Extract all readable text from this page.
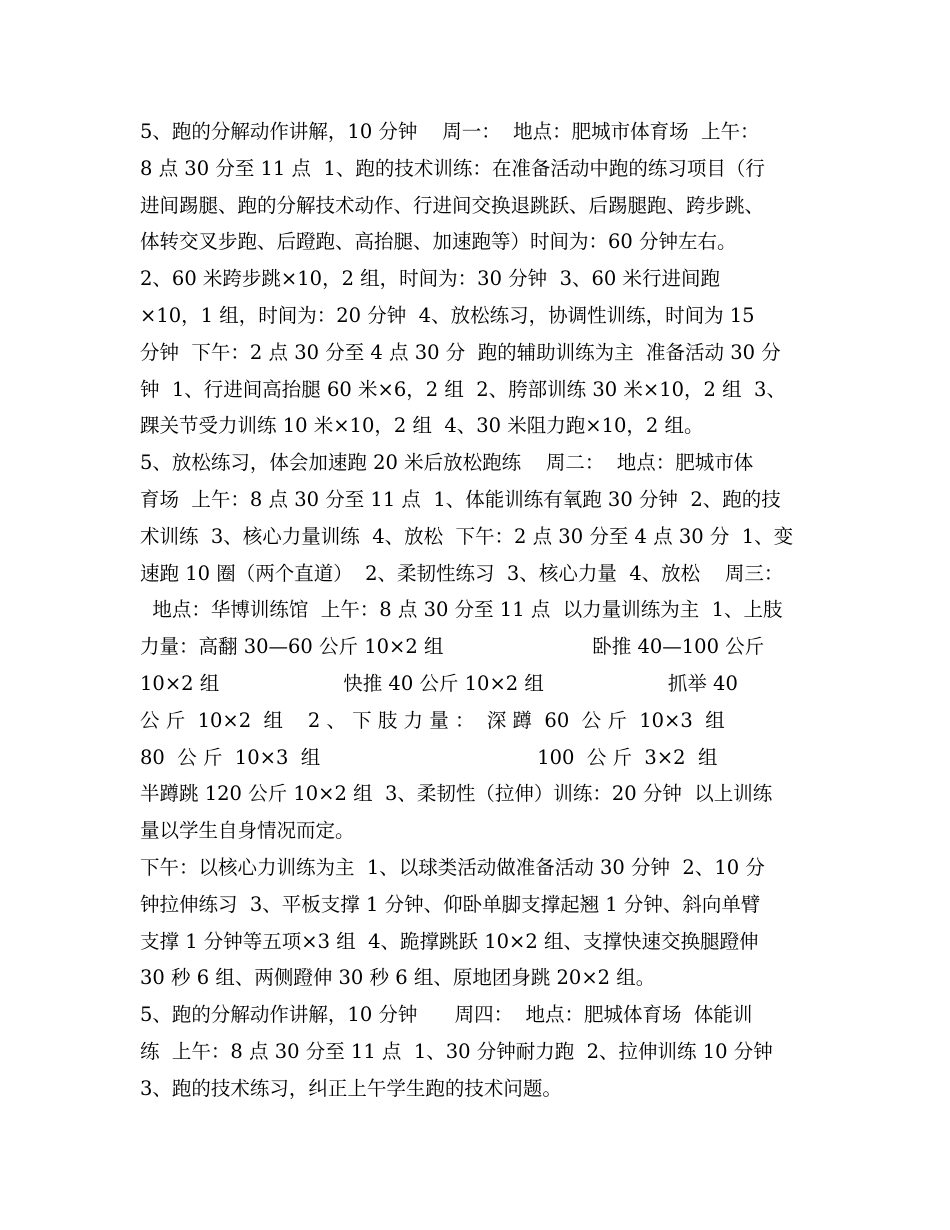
5、跑的分解动作讲解，10 分钟    周一：  地点：肥城市体育场  上午：
8 点 30 分至 11 点  1、跑的技术训练：在准备活动中跑的练习项目（行
进间踢腿、跑的分解技术动作、行进间交换退跳跃、后踢腿跑、跨步跳、
体转交叉步跑、后蹬跑、高抬腿、加速跑等）时间为：60 分钟左右。
2、60 米跨步跳×10，2 组，时间为：30 分钟  3、60 米行进间跑
×10，1 组，时间为：20 分钟  4、放松练习，协调性训练，时间为 15
分钟  下午：2 点 30 分至 4 点 30 分  跑的辅助训练为主  准备活动 30 分
钟  1、行进间高抬腿 60 米×6，2 组  2、胯部训练 30 米×10，2 组  3、
踝关节受力训练 10 米×10，2 组  4、30 米阻力跑×10，2 组。
5、放松练习，体会加速跑 20 米后放松跑练    周二：  地点：肥城市体
育场  上午：8 点 30 分至 11 点  1、体能训练有氧跑 30 分钟  2、跑的技
术训练  3、核心力量训练  4、放松  下午：2 点 30 分至 4 点 30 分  1、变
速跑 10 圈（两个直道）  2、柔韧性练习  3、核心力量  4、放松    周三：
地点：华博训练馆  上午：8 点 30 分至 11 点  以力量训练为主  1、上肢
力量：高翻 30—60 公斤 10×2 组                        卧推 40—100 公斤
10×2 组                    快推 40 公斤 10×2 组                    抓举 40
公 斤  10×2  组    2 、 下 肢 力 量 ：  深 蹲  60  公 斤  10×3  组
80  公 斤  10×3  组                                   100  公 斤  3×2  组
半蹲跳 120 公斤 10×2 组  3、柔韧性（拉伸）训练：20 分钟  以上训练
量以学生自身情况而定。
下午：以核心力训练为主  1、以球类活动做准备活动 30 分钟  2、10 分
钟拉伸练习  3、平板支撑 1 分钟、仰卧单脚支撑起翘 1 分钟、斜向单臂
支撑 1 分钟等五项×3 组  4、跪撑跳跃 10×2 组、支撑快速交换腿蹬伸
30 秒 6 组、两侧蹬伸 30 秒 6 组、原地团身跳 20×2 组。
5、跑的分解动作讲解，10 分钟      周四：  地点：肥城体育场  体能训
练  上午：8 点 30 分至 11 点  1、30 分钟耐力跑  2、拉伸训练 10 分钟
3、跑的技术练习，纠正上午学生跑的技术问题。
